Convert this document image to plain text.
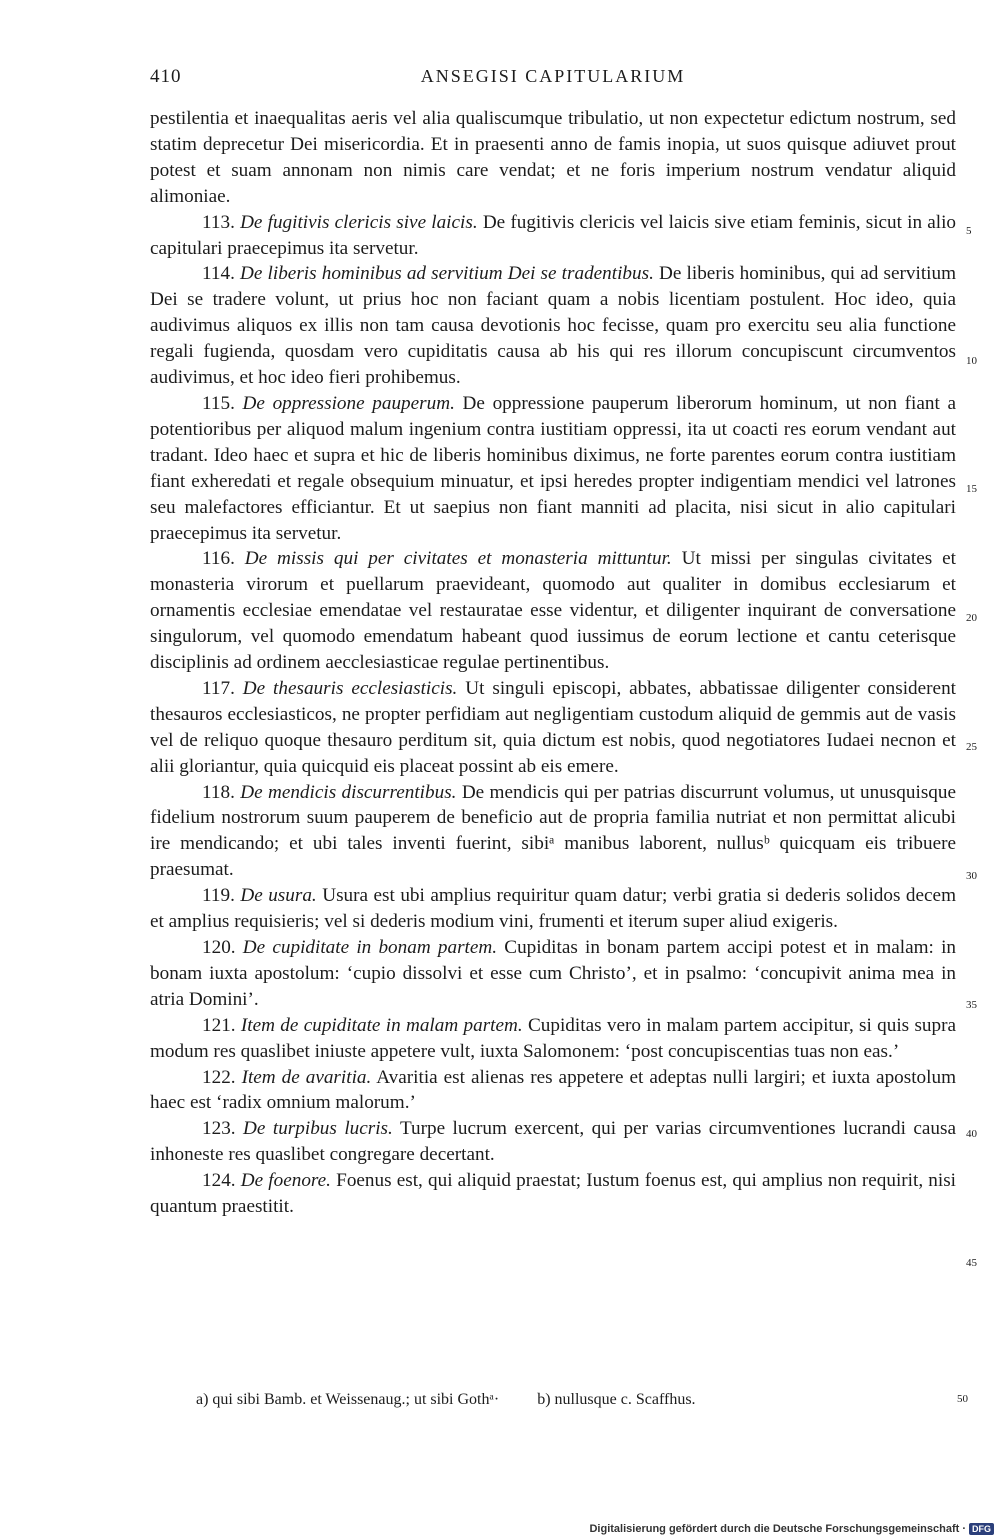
410	ANSEGISI CAPITULARIUM

pestilentia et inaequalitas aeris vel alia qualiscumque tribulatio, ut non expectetur edictum nostrum, sed statim deprecetur Dei misericordia. Et in praesenti anno de famis inopia, ut suos quisque adiuvet prout potest et suam annonam non nimis care vendat; et ne foris imperium nostrum vendatur aliquid alimoniae.

113. De fugitivis clericis sive laicis. De fugitivis clericis vel laicis sive etiam feminis, sicut in alio capitulari praecepimus ita servetur.

114. De liberis hominibus ad servitium Dei se tradentibus. De liberis hominibus, qui ad servitium Dei se tradere volunt, ut prius hoc non faciant quam a nobis licentiam postulent. Hoc ideo, quia audivimus aliquos ex illis non tam causa devotionis hoc fecisse, quam pro exercitu seu alia functione regali fugienda, quosdam vero cupiditatis causa ab his qui res illorum concupiscunt circumventos audivimus, et hoc ideo fieri prohibemus.

115. De oppressione pauperum. De oppressione pauperum liberorum hominum, ut non fiant a potentioribus per aliquod malum ingenium contra iustitiam oppressi, ita ut coacti res eorum vendant aut tradant. Ideo haec et supra et hic de liberis hominibus diximus, ne forte parentes eorum contra iustitiam fiant exheredati et regale obsequium minuatur, et ipsi heredes propter indigentiam mendici vel latrones seu malefactores efficiantur. Et ut saepius non fiant manniti ad placita, nisi sicut in alio capitulari praecepimus ita servetur.

116. De missis qui per civitates et monasteria mittuntur. Ut missi per singulas civitates et monasteria virorum et puellarum praevideant, quomodo aut qualiter in domibus ecclesiarum et ornamentis ecclesiae emendatae vel restauratae esse videntur, et diligenter inquirant de conversatione singulorum, vel quomodo emendatum habeant quod iussimus de eorum lectione et cantu ceterisque disciplinis ad ordinem aecclesiasticae regulae pertinentibus.

117. De thesauris ecclesiasticis. Ut singuli episcopi, abbates, abbatissae diligenter considerent thesauros ecclesiasticos, ne propter perfidiam aut negligentiam custodum aliquid de gemmis aut de vasis vel de reliquo quoque thesauro perditum sit, quia dictum est nobis, quod negotiatores Iudaei necnon et alii gloriantur, quia quicquid eis placeat possint ab eis emere.

118. De mendicis discurrentibus. De mendicis qui per patrias discurrunt volumus, ut unusquisque fidelium nostrorum suum pauperem de beneficio aut de propria familia nutriat et non permittat alicubi ire mendicando; et ubi tales inventi fuerint, sibiᵃ manibus laborent, nullusᵇ quicquam eis tribuere praesumat.

119. De usura. Usura est ubi amplius requiritur quam datur; verbi gratia si dederis solidos decem et amplius requisieris; vel si dederis modium vini, frumenti et iterum super aliud exigeris.

120. De cupiditate in bonam partem. Cupiditas in bonam partem accipi potest et in malam: in bonam iuxta apostolum: ‘cupio dissolvi et esse cum Christo’, et in psalmo: ‘concupivit anima mea in atria Domini’.

121. Item de cupiditate in malam partem. Cupiditas vero in malam partem accipitur, si quis supra modum res quaslibet iniuste appetere vult, iuxta Salomonem: ‘post concupiscentias tuas non eas.’

122. Item de avaritia. Avaritia est alienas res appetere et adeptas nulli largiri; et iuxta apostolum haec est ‘radix omnium malorum.’

123. De turpibus lucris. Turpe lucrum exercent, qui per varias circumventiones lucrandi causa inhoneste res quaslibet congregare decertant.

124. De foenore. Foenus est, qui aliquid praestat; Iustum foenus est, qui amplius non requirit, nisi quantum praestitit.

5
10
15
20
25
30
35
40
45
a) qui sibi Bamb. et Weissenaug.; ut sibi Gothᵃ· b) nullusque c. Scaffhus.	50
Digitalisierung gefördert durch die Deutsche Forschungsgemeinschaft · DFG
